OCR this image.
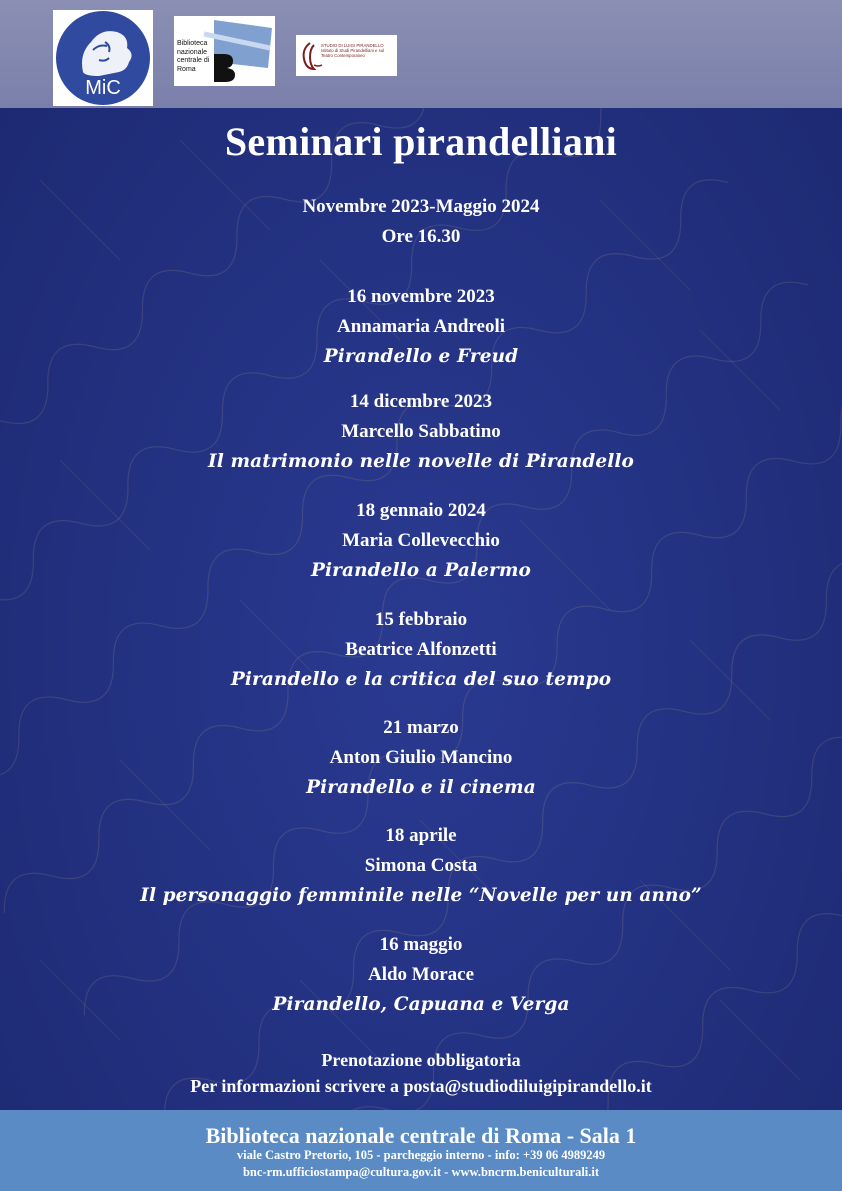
MiC
Biblioteca nazionale centrale di Roma
STUDIO DI LUIGI PIRANDELLO Istituto di Studi Pirandelliani e sul Teatro Contemporaneo
Seminari pirandelliani
Novembre 2023-Maggio 2024
Ore 16.30
16 novembre 2023
Annamaria Andreoli
Pirandello e Freud
14 dicembre 2023
Marcello Sabbatino
Il matrimonio nelle novelle di Pirandello
18 gennaio 2024
Maria Collevecchio
Pirandello a Palermo
15 febbraio
Beatrice Alfonzetti
Pirandello e la critica del suo tempo
21 marzo
Anton Giulio Mancino
Pirandello e il cinema
18 aprile
Simona Costa
Il personaggio femminile nelle “Novelle per un anno”
16 maggio
Aldo Morace
Pirandello, Capuana e Verga
Prenotazione obbligatoria
Per informazioni scrivere a posta@studiodiluigipirandello.it
Biblioteca nazionale centrale di Roma - Sala 1
viale Castro Pretorio, 105 - parcheggio interno - info: +39 06 4989249
bnc-rm.ufficiostampa@cultura.gov.it - www.bncrm.beniculturali.it
